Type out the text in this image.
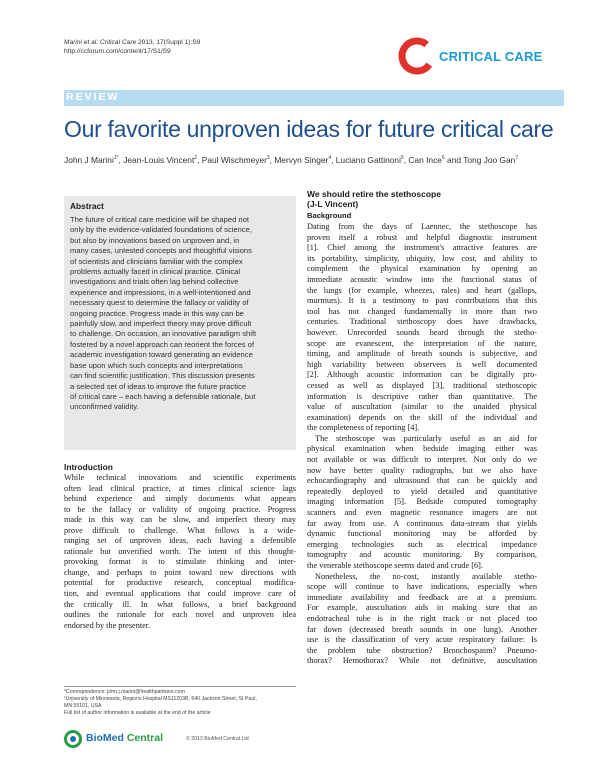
Marini et al. Critical Care 2013, 17(Suppl 1):S9
http://ccforum.com/content/17/S1/S9	CRITICAL CARE
REVIEW
Our favorite unproven ideas for future critical care
John J Marini$^{1*}$, Jean-Louis Vincent$^2$, Paul Wischmeyer$^3$, Mervyn Singer$^4$, Luciano Gattinoni$^5$, Can Ince$^6$ and Tong Joo Gan$^7$
Abstract
The future of critical care medicine will be shaped not
only by the evidence-validated foundations of science,
but also by innovations based on unproven and, in
many cases, untested concepts and thoughtful visions
of scientists and clinicians familiar with the complex
problems actually faced in clinical practice. Clinical
investigations and trials often lag behind collective
experience and impressions, in a well-intentioned and
necessary quest to determine the fallacy or validity of
ongoing practice. Progress made in this way can be
painfully slow, and imperfect theory may prove difficult
to challenge. On occasion, an innovative paradigm shift
fostered by a novel approach can reorient the forces of
academic investigation toward generating an evidence
base upon which such concepts and interpretations
can find scientific justification. This discussion presents
a selected set of ideas to improve the future practice
of critical care – each having a defensible rationale, but
unconfirmed validity.
Introduction
While technical innovations and scientific experiments
often lead clinical practice, at times clinical science lags
behind experience and simply documents what appears
to be the fallacy or validity of ongoing practice. Progress
made in this way can be slow, and imperfect theory may
prove difficult to challenge. What follows is a wide-
ranging set of unproven ideas, each having a defensible
rationale but unverified worth. The intent of this thought-
provoking format is to stimulate thinking and inter-
change, and perhaps to point toward new directions with
potential for productive research, conceptual modifica-
tion, and eventual applications that could improve care of
the critically ill. In what follows, a brief background
outlines the rationale for each novel and unproven idea
endorsed by the presenter.
*Correspondence: john.j.marini@healthpartners.com
¹University of Minnesota, Regions Hospital MS11203B, 640 Jackson Street, St Paul,
MN 55101, USA
Full list of author information is available at the end of the article
BioMed Central	© 2013 BioMed Central Ltd
We should retire the stethoscope
(J-L Vincent)
Background
Dating from the days of Laennec, the stethoscope has
proven itself a robust and helpful diagnostic instrument
[1]. Chief among the instrument's attractive features are
its portability, simplicity, ubiquity, low cost, and ability to
complement the physical examination by opening an
immediate acoustic window into the functional status of
the lungs (for example, wheezes, rales) and heart (gallops,
murmurs). It is a testimony to past contributions that this
tool has not changed fundamentally in more than two
centuries. Traditional stethoscopy does have drawbacks,
however. Unrecorded sounds heard through the stetho-
scope are evanescent, the interpretation of the nature,
timing, and amplitude of breath sounds is subjective, and
high variability between observers is well documented
[2]. Although acoustic information can be digitally pro-
cessed as well as displayed [3], traditional stethoscopic
information is descriptive rather than quantitative. The
value of auscultation (similar to the unaided physical
examination) depends on the skill of the individual and
the completeness of reporting [4].
The stethoscope was particularly useful as an aid for
physical examination when bedside imaging either was
not available or was difficult to interpret. Not only do we
now have better quality radiographs, but we also have
echocardiography and ultrasound that can be quickly and
repeatedly deployed to yield detailed and quantitative
imaging information [5]. Bedside computed tomography
scanners and even magnetic resonance imagers are not
far away from use. A continuous data-stream that yields
dynamic functional monitoring may be afforded by
emerging technologies such as electrical impedance
tomography and acoustic monitoring. By comparison,
the venerable stethoscope seems dated and crude [6].
Nonetheless, the no-cost, instantly available stetho-
scope will continue to have indications, especially when
immediate availability and feedback are at a premium.
For example, auscultation aids in making sure that an
endotracheal tube is in the right track or not placed too
far down (decreased breath sounds in one lung). Another
use is the classification of very acute respiratory failure: Is
the problem tube obstruction? Bronchospasm? Pneumo-
thorax? Hemothorax? While not definitive, auscultation
